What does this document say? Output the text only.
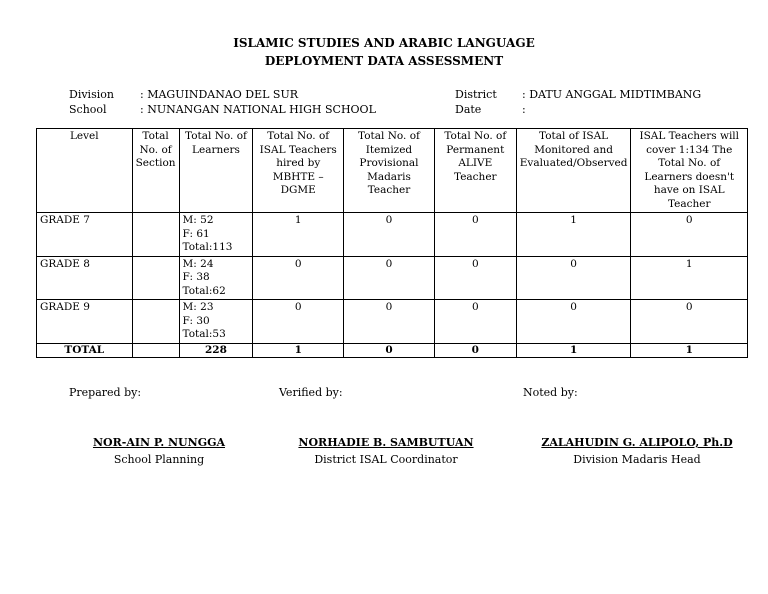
ISLAMIC STUDIES AND ARABIC LANGUAGE
DEPLOYMENT DATA ASSESSMENT
Division : MAGUINDANAO DEL SUR
School	: NUNANGAN NATIONAL HIGH SCHOOL
District : DATU ANGGAL MIDTIMBANG
Date	:
Level	Total No. of Section	Total No. of Learners	Total No. of ISAL Teachers hired by MBHTE – DGME	Total No. of Itemized Provisional Madaris Teacher	Total No. of Permanent ALIVE Teacher	Total of ISAL Monitored and Evaluated/Observed	ISAL Teachers will cover 1:134 The Total No. of Learners doesn't have on ISAL Teacher
GRADE 7		M: 52
F: 61
Total:113	1	0	0	1	0
GRADE 8		M: 24
F: 38
Total:62	0	0	0	0	1
GRADE 9		M: 23
F: 30
Total:53	0	0	0	0	0
TOTAL		228	1	0	0	1	1
Prepared by:	Verified by:	Noted by:
NOR-AIN P. NUNGGA
School Planning
NORHADIE B. SAMBUTUAN
District ISAL Coordinator
ZALAHUDIN G. ALIPOLO, Ph.D
Division Madaris Head
